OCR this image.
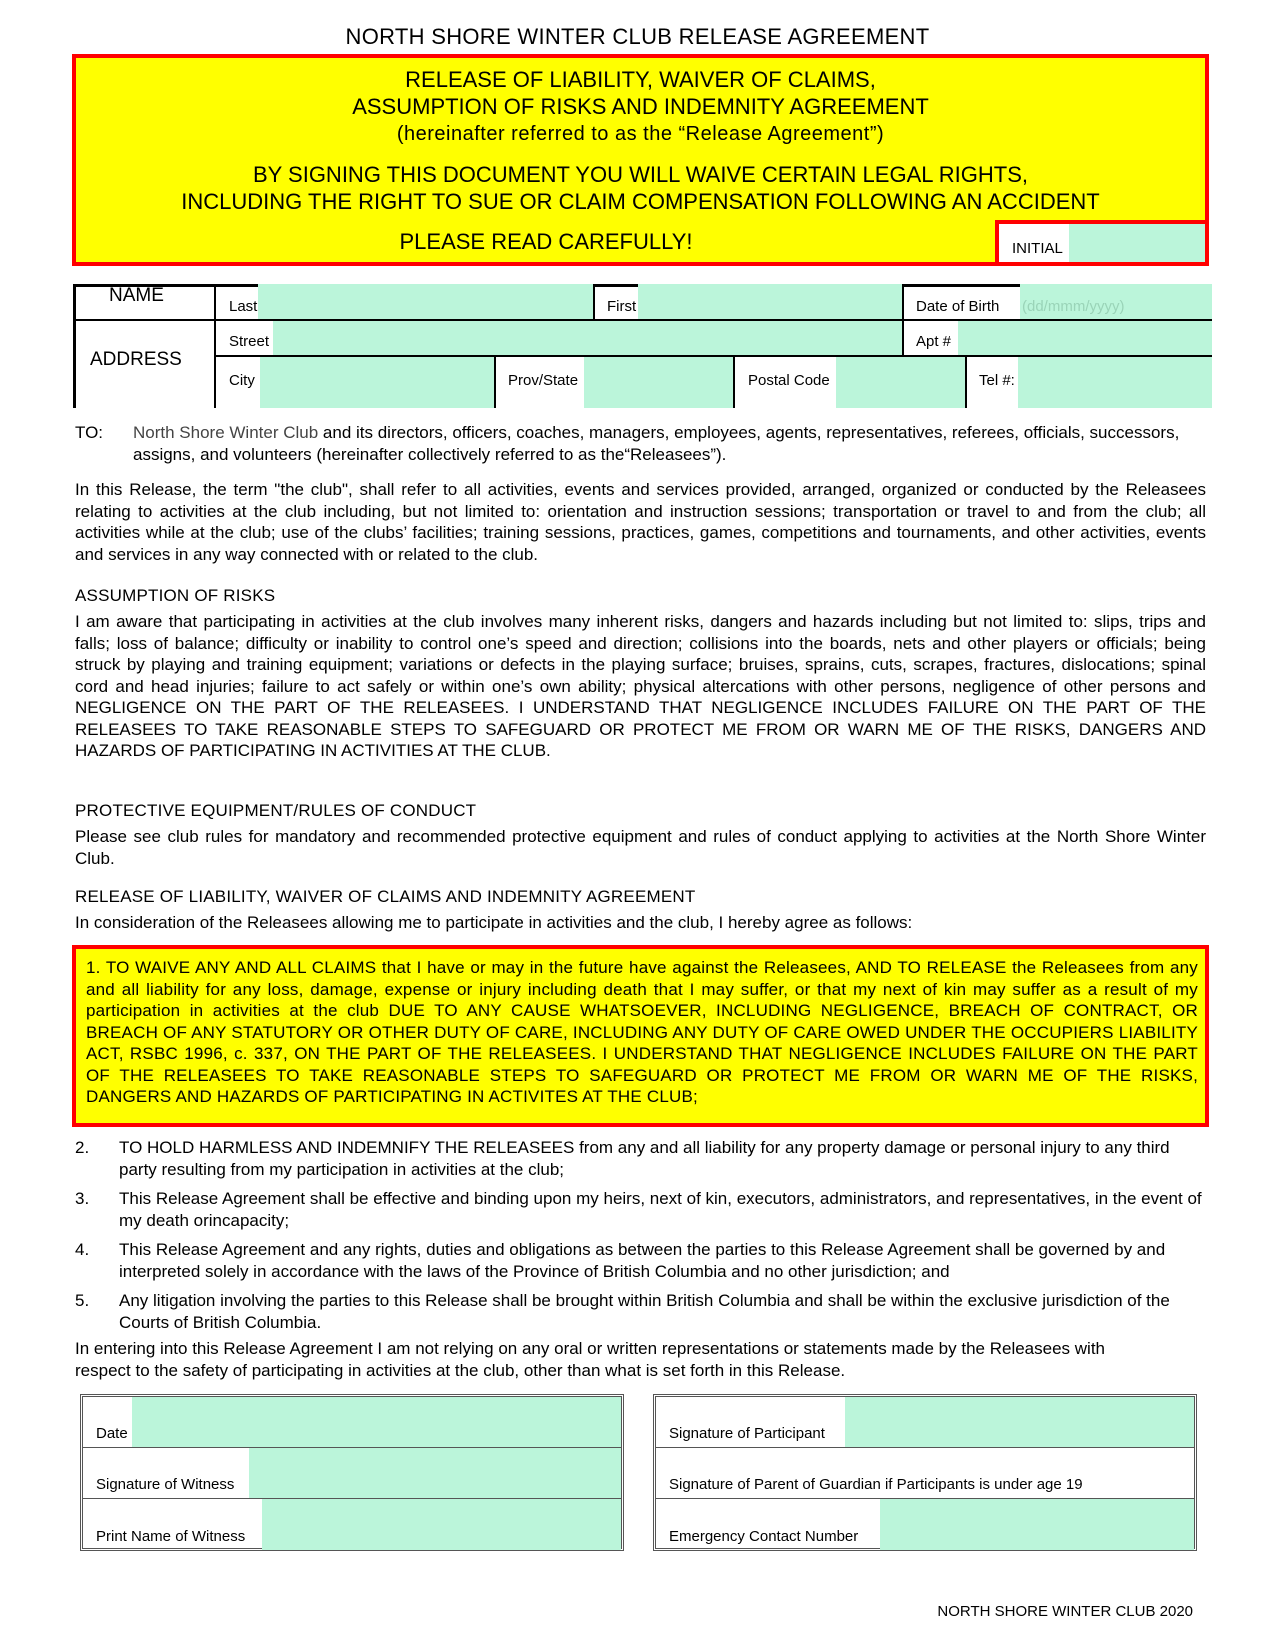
NORTH SHORE WINTER CLUB RELEASE AGREEMENT
RELEASE OF LIABILITY, WAIVER OF CLAIMS,
ASSUMPTION OF RISKS AND INDEMNITY AGREEMENT
(hereinafter referred to as the “Release Agreement”)
BY SIGNING THIS DOCUMENT YOU WILL WAIVE CERTAIN LEGAL RIGHTS,
INCLUDING THE RIGHT TO SUE OR CLAIM COMPENSATION FOLLOWING AN ACCIDENT
PLEASE READ CAREFULLY!	INITIAL
NAME
ADDRESS
Last	First	Date of Birth (dd/mmm/yyyy)
Street	Apt #
City	Prov/State	Postal Code	Tel #:
TO: North Shore Winter Club and its directors, officers, coaches, managers, employees, agents, representatives, referees, officials, successors, assigns, and volunteers (hereinafter collectively referred to as the“Releasees”).
In this Release, the term "the club", shall refer to all activities, events and services provided, arranged, organized or conducted by the Releasees relating to activities at the club including, but not limited to: orientation and instruction sessions; transportation or travel to and from the club; all activities while at the club; use of the clubs’ facilities; training sessions, practices, games, competitions and tournaments, and other activities, events and services in any way connected with or related to the club.
ASSUMPTION OF RISKS
I am aware that participating in activities at the club involves many inherent risks, dangers and hazards including but not limited to: slips, trips and falls; loss of balance; difficulty or inability to control one’s speed and direction; collisions into the boards, nets and other players or officials; being struck by playing and training equipment; variations or defects in the playing surface; bruises, sprains, cuts, scrapes, fractures, dislocations; spinal cord and head injuries; failure to act safely or within one’s own ability; physical altercations with other persons, negligence of other persons and NEGLIGENCE ON THE PART OF THE RELEASEES. I UNDERSTAND THAT NEGLIGENCE INCLUDES FAILURE ON THE PART OF THE RELEASEES TO TAKE REASONABLE STEPS TO SAFEGUARD OR PROTECT ME FROM OR WARN ME OF THE RISKS, DANGERS AND HAZARDS OF PARTICIPATING IN ACTIVITIES AT THE CLUB.
PROTECTIVE EQUIPMENT/RULES OF CONDUCT
Please see club rules for mandatory and recommended protective equipment and rules of conduct applying to activities at the North Shore Winter Club.
RELEASE OF LIABILITY, WAIVER OF CLAIMS AND INDEMNITY AGREEMENT
In consideration of the Releasees allowing me to participate in activities and the club, I hereby agree as follows:
1. TO WAIVE ANY AND ALL CLAIMS that I have or may in the future have against the Releasees, AND TO RELEASE the Releasees from any and all liability for any loss, damage, expense or injury including death that I may suffer, or that my next of kin may suffer as a result of my participation in activities at the club DUE TO ANY CAUSE WHATSOEVER, INCLUDING NEGLIGENCE, BREACH OF CONTRACT, OR BREACH OF ANY STATUTORY OR OTHER DUTY OF CARE, INCLUDING ANY DUTY OF CARE OWED UNDER THE OCCUPIERS LIABILITY ACT, RSBC 1996, c. 337, ON THE PART OF THE RELEASEES. I UNDERSTAND THAT NEGLIGENCE INCLUDES FAILURE ON THE PART OF THE RELEASEES TO TAKE REASONABLE STEPS TO SAFEGUARD OR PROTECT ME FROM OR WARN ME OF THE RISKS, DANGERS AND HAZARDS OF PARTICIPATING IN ACTIVITES AT THE CLUB;
2. TO HOLD HARMLESS AND INDEMNIFY THE RELEASEES from any and all liability for any property damage or personal injury to any third party resulting from my participation in activities at the club;
3. This Release Agreement shall be effective and binding upon my heirs, next of kin, executors, administrators, and representatives, in the event of my death orincapacity;
4. This Release Agreement and any rights, duties and obligations as between the parties to this Release Agreement shall be governed by and interpreted solely in accordance with the laws of the Province of British Columbia and no other jurisdiction; and
5. Any litigation involving the parties to this Release shall be brought within British Columbia and shall be within the exclusive jurisdiction of the Courts of British Columbia.
In entering into this Release Agreement I am not relying on any oral or written representations or statements made by the Releasees with respect to the safety of participating in activities at the club, other than what is set forth in this Release.
Date
Signature of Witness
Print Name of Witness
Signature of Participant
Signature of Parent of Guardian if Participants is under age 19
Emergency Contact Number
NORTH SHORE WINTER CLUB 2020
